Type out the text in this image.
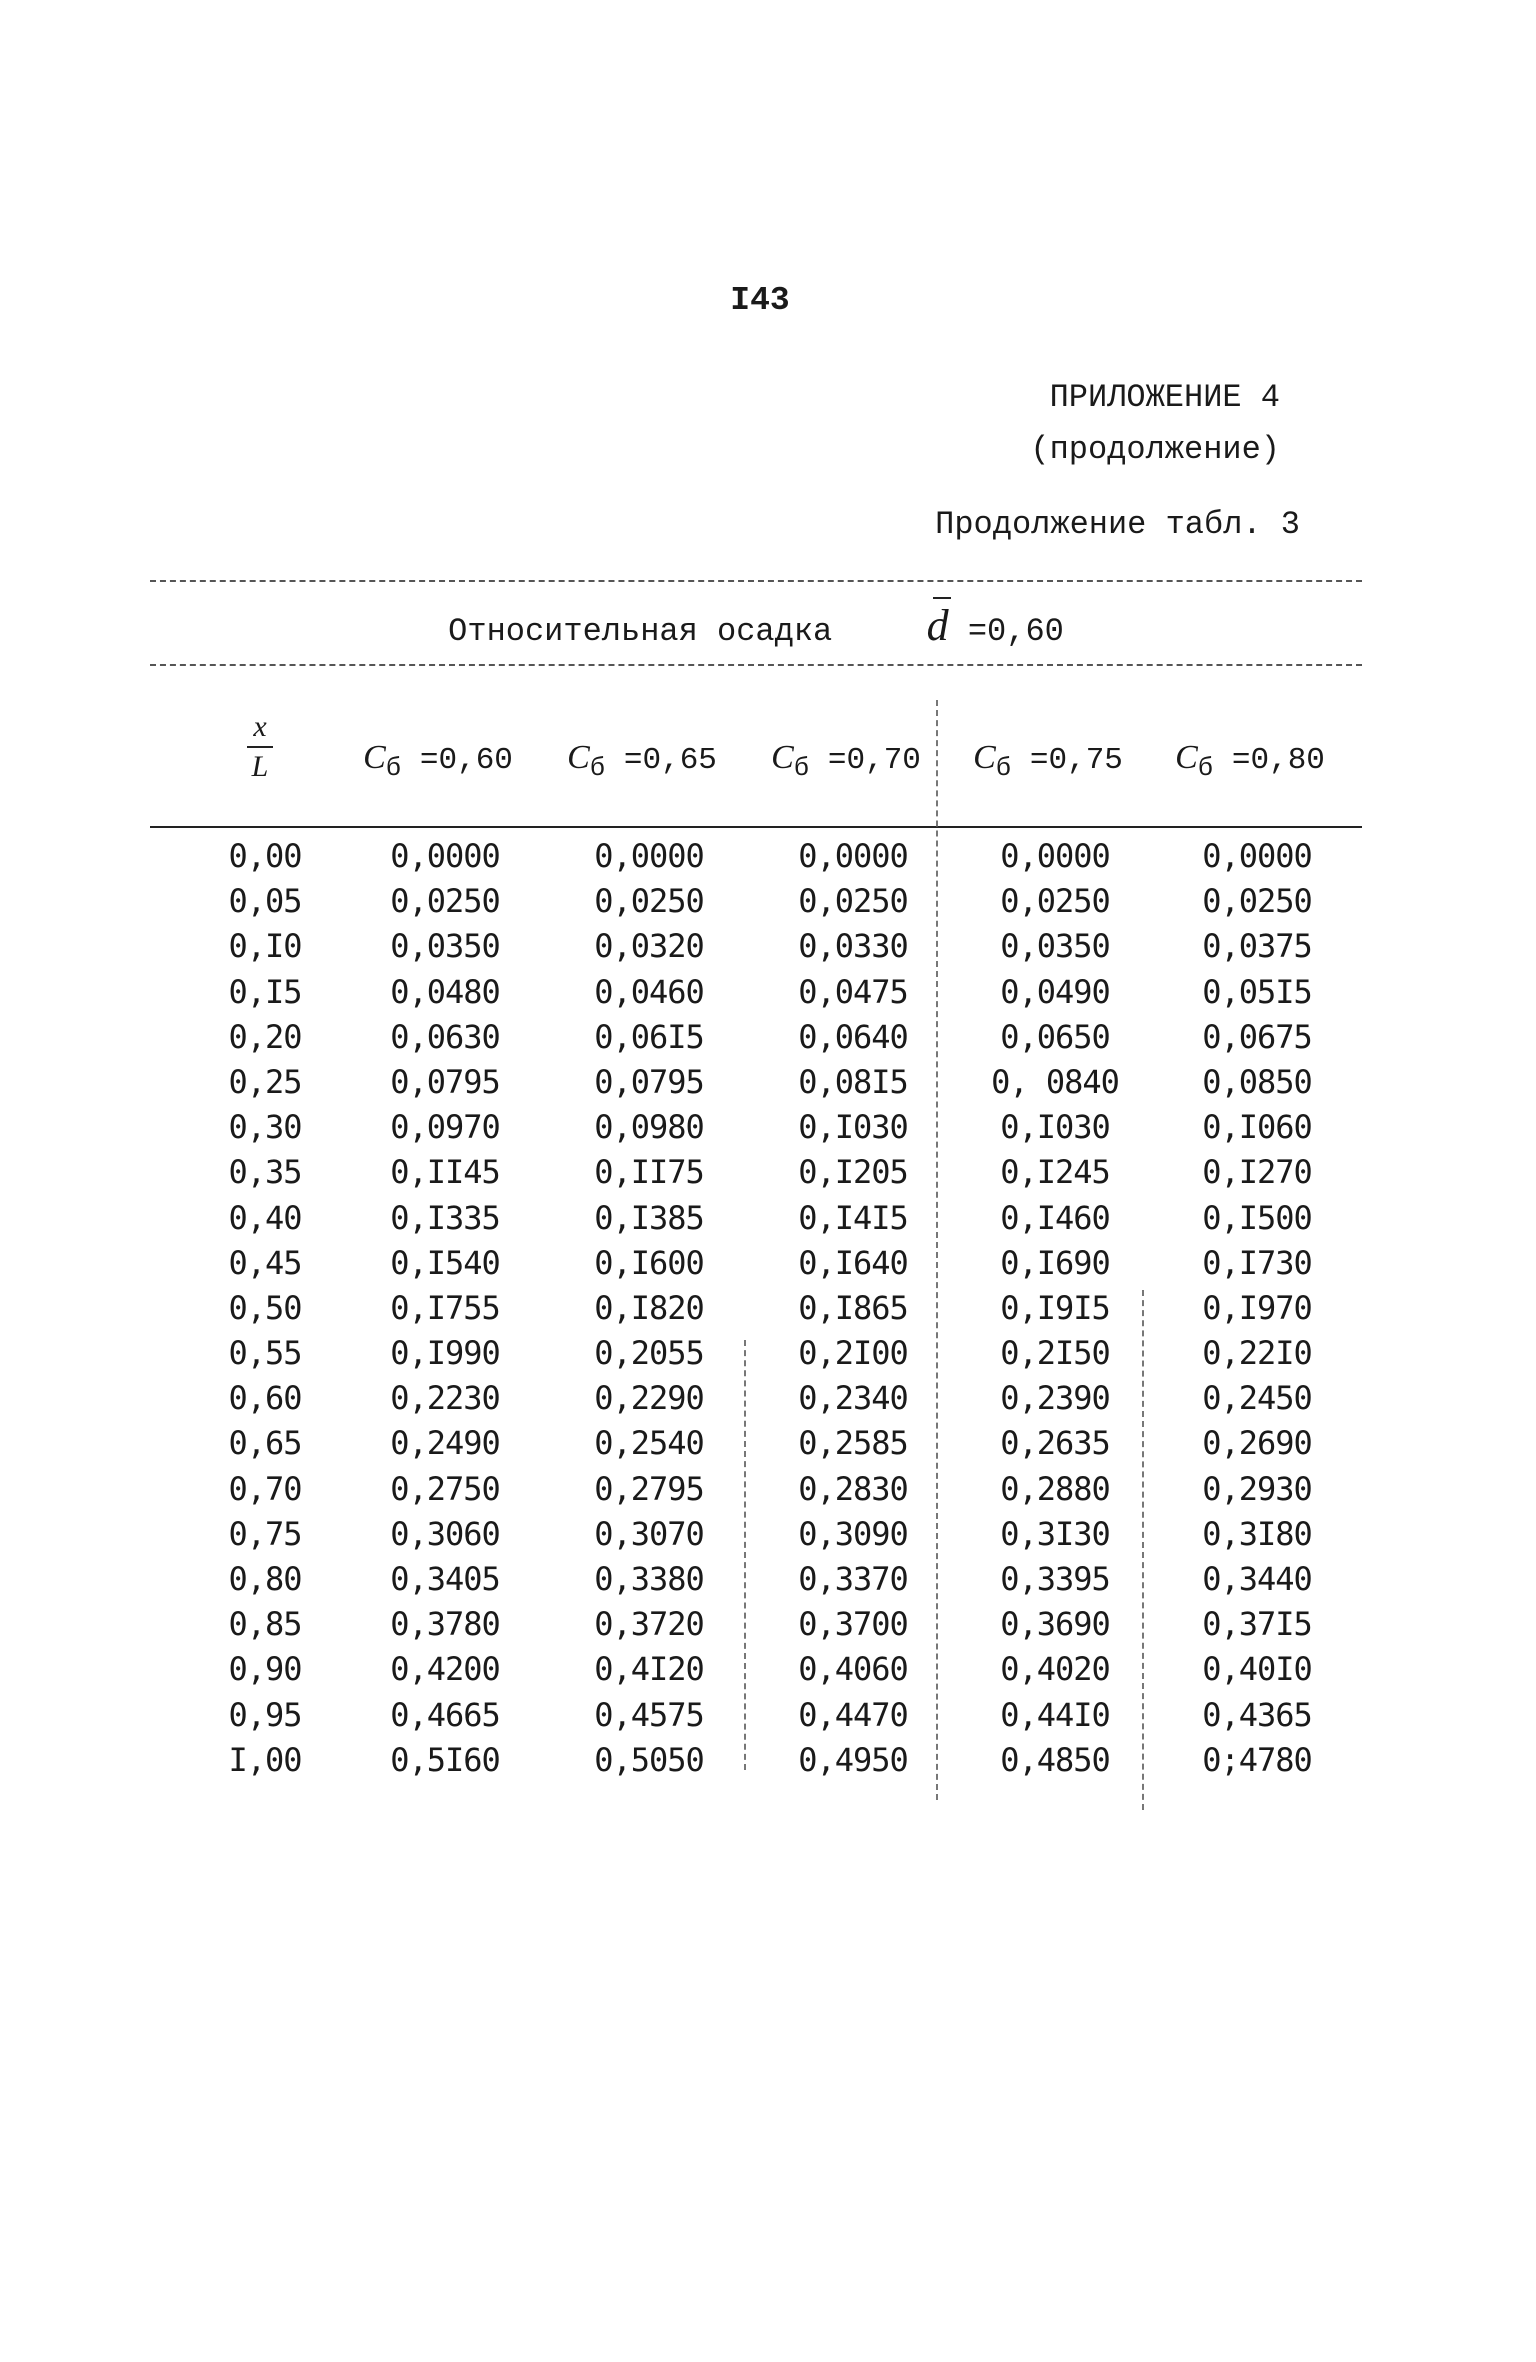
I43
ПРИЛОЖЕНИЕ 4
(продолжение)
Продолжение табл. 3
Относительная осадка d =0,60
x
L	$C_б =0,60$	$C_б =0,65$	$C_б =0,70$	$C_б =0,75$	$C_б =0,80$
0,00	0,0000	0,0000	0,0000	0,0000	0,0000
0,05	0,0250	0,0250	0,0250	0,0250	0,0250
0,I0	0,0350	0,0320	0,0330	0,0350	0,0375
0,I5	0,0480	0,0460	0,0475	0,0490	0,05I5
0,20	0,0630	0,06I5	0,0640	0,0650	0,0675
0,25	0,0795	0,0795	0,08I5	0, 0840	0,0850
0,30	0,0970	0,0980	0,I030	0,I030	0,I060
0,35	0,II45	0,II75	0,I205	0,I245	0,I270
0,40	0,I335	0,I385	0,I4I5	0,I460	0,I500
0,45	0,I540	0,I600	0,I640	0,I690	0,I730
0,50	0,I755	0,I820	0,I865	0,I9I5	0,I970
0,55	0,I990	0,2055	0,2I00	0,2I50	0,22I0
0,60	0,2230	0,2290	0,2340	0,2390	0,2450
0,65	0,2490	0,2540	0,2585	0,2635	0,2690
0,70	0,2750	0,2795	0,2830	0,2880	0,2930
0,75	0,3060	0,3070	0,3090	0,3I30	0,3I80
0,80	0,3405	0,3380	0,3370	0,3395	0,3440
0,85	0,3780	0,3720	0,3700	0,3690	0,37I5
0,90	0,4200	0,4I20	0,4060	0,4020	0,40I0
0,95	0,4665	0,4575	0,4470	0,44I0	0,4365
I,00	0,5I60	0,5050	0,4950	0,4850	0;4780
